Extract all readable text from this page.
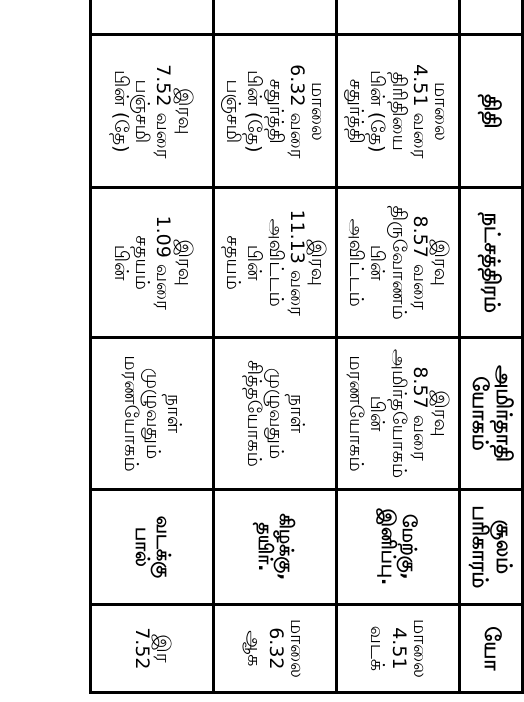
	திதி	நட்சத்திரம்	அமிர்தாதி யோகம்	சூலம் பரிகாரம்	யோ

	மாலை
4.51 வரை
திரிதியை
பின் (தே)
சதுர்த்தி	இரவு
8.57 வரை
திருவோணம்
பின்
அவிட்டம்	இரவு
8.57 வரை
அமிர்தயோகம்
பின்
மரணயோகம்	மேற்கு,
இனிப்பு.	மாலை
4.51
வடக்

	மாலை
6.32 வரை
சதுர்த்தி
பின் (தே)
பஞ்சமி	இரவு
11.13 வரை
அவிட்டம்
பின்
சதயம்	நாள்
முழுவதும்
சித்தயோகம்	கிழக்கு,
தயிர்.	மாலை
6.32
ஆக

	இரவு
7.52 வரை
பஞ்சமி
பின் (தே)	இரவு
1.09 வரை
சதயம்
பின்	நாள்
முழுவதும்
மரணயோகம்	வடக்கு
பால்	இர
7.52
